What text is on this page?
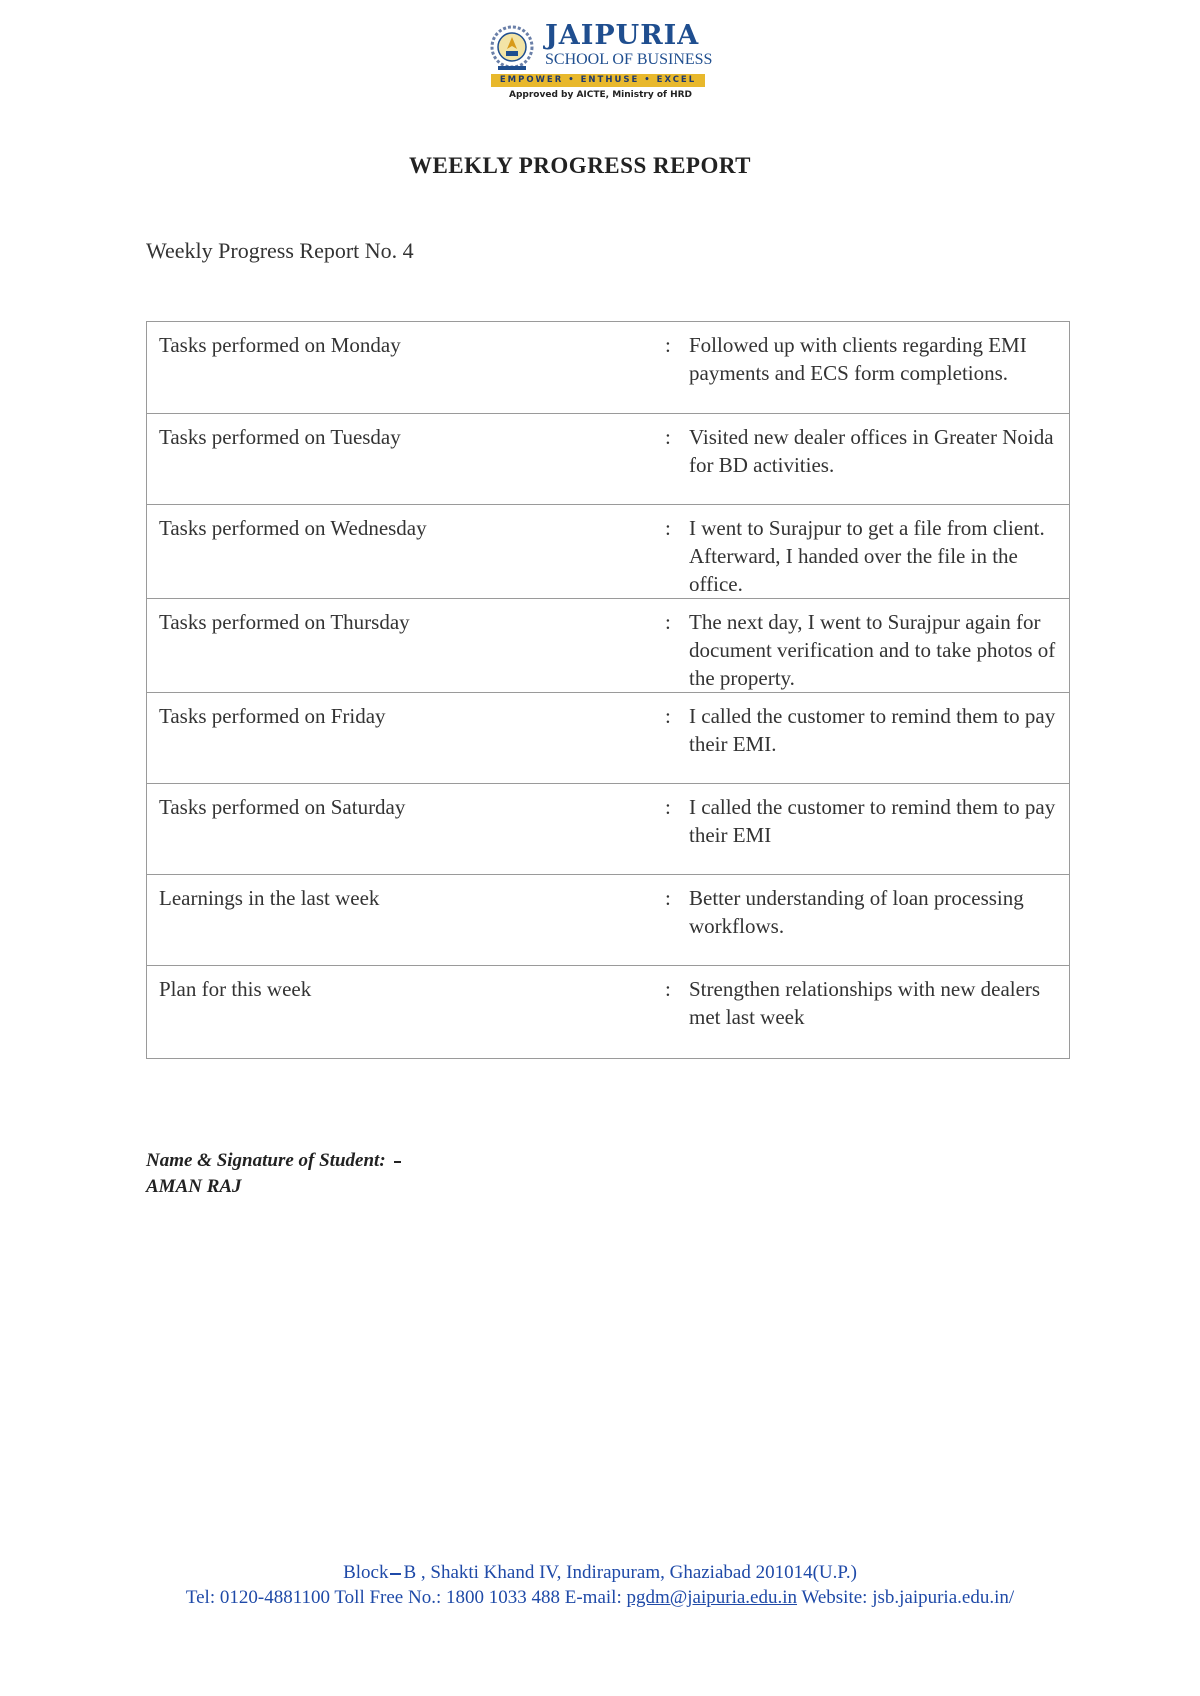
JAIPURIA
SCHOOL OF BUSINESS
EMPOWER • ENTHUSE • EXCEL
Approved by AICTE, Ministry of HRD
WEEKLY PROGRESS REPORT
Weekly Progress Report No. 4
Tasks performed on Monday	:	Followed up with clients regarding EMI payments and ECS form completions.
Tasks performed on Tuesday	:	Visited new dealer offices in Greater Noida for BD activities.
Tasks performed on Wednesday	:	I went to Surajpur to get a file from client. Afterward, I handed over the file in the office.
Tasks performed on Thursday	:	The next day, I went to Surajpur again for document verification and to take photos of the property.
Tasks performed on Friday	:	I called the customer to remind them to pay their EMI.
Tasks performed on Saturday	:	I called the customer to remind them to pay their EMI
Learnings in the last week	:	Better understanding of loan processing workflows.
Plan for this week	:	Strengthen relationships with new dealers met last week
Name & Signature of Student:
AMAN RAJ
Block B , Shakti Khand IV, Indirapuram, Ghaziabad 201014(U.P.)
Tel: 0120-4881100 Toll Free No.: 1800 1033 488 E-mail: pgdm@jaipuria.edu.in Website: jsb.jaipuria.edu.in/
